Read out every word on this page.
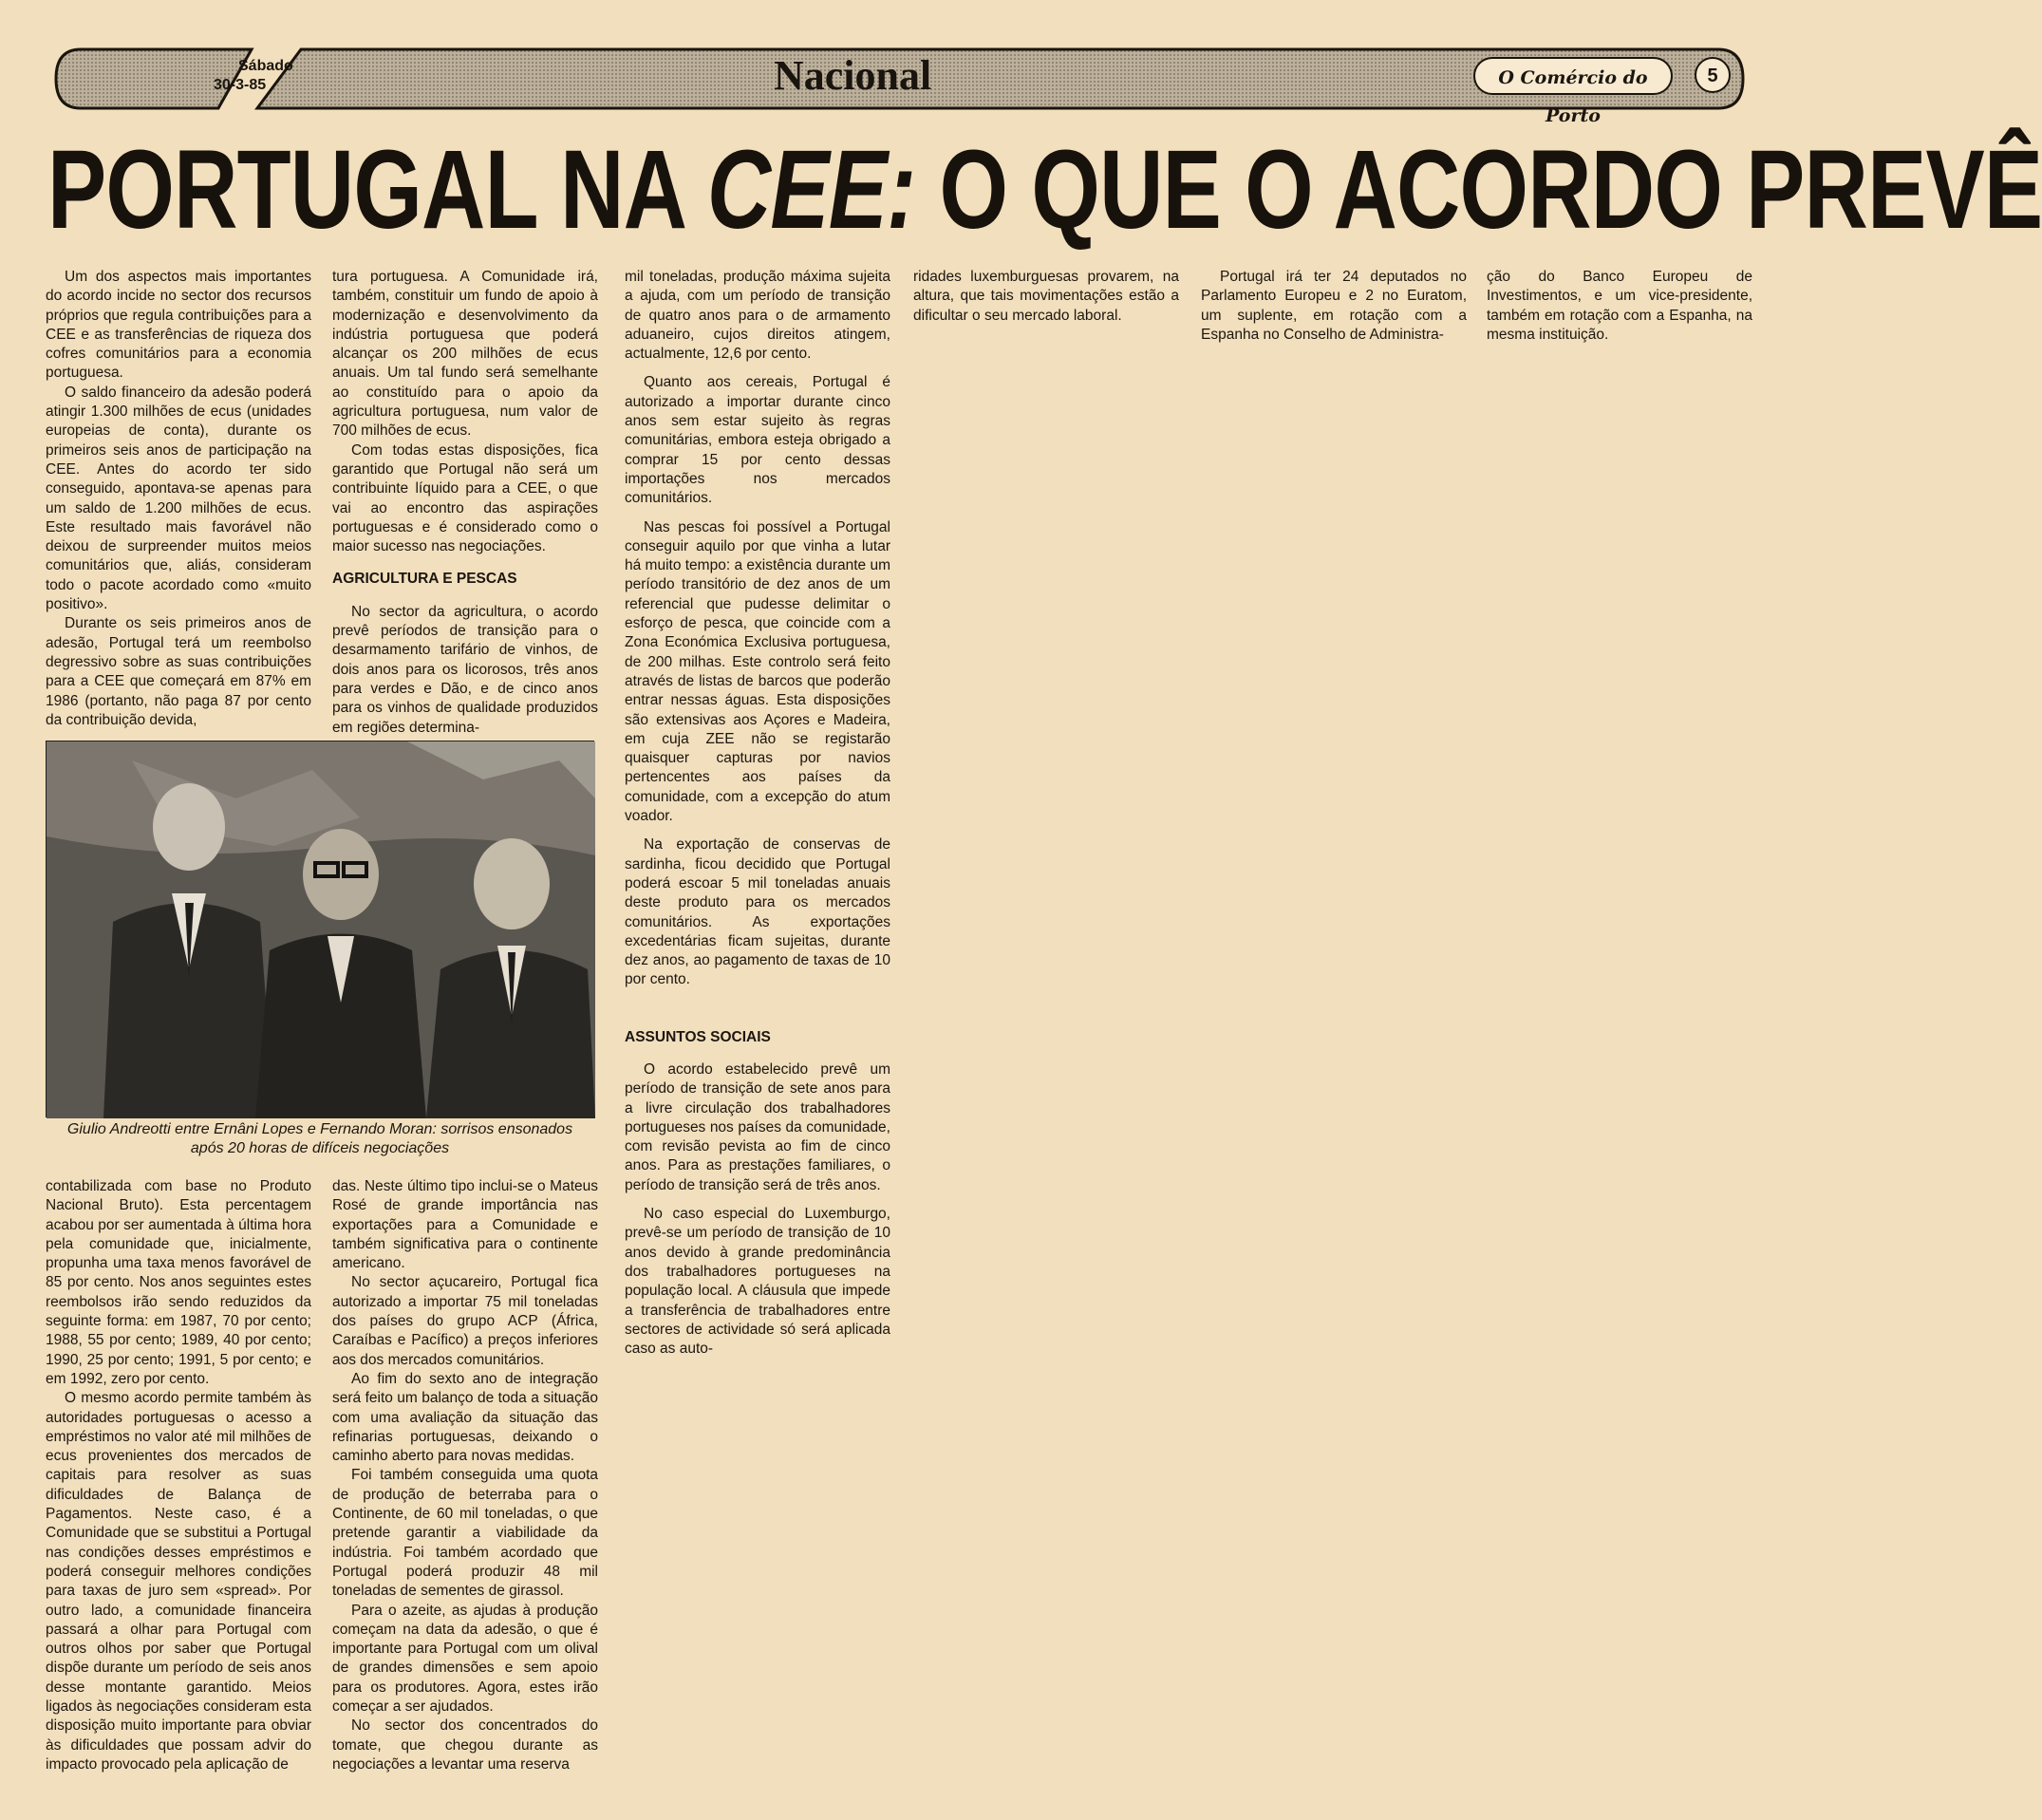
Sábado
30-3-85	Nacional	O Comércio do Porto
5
PORTUGAL NA CEE: O QUE O ACORDO PREVÊ

Um dos aspectos mais importantes do acordo incide no sector dos recursos próprios que regula contribuições para a CEE e as transferências de riqueza dos cofres comunitários para a economia portuguesa.

O saldo financeiro da adesão poderá atingir 1.300 milhões de ecus (unidades europeias de conta), durante os primeiros seis anos de participação na CEE. Antes do acordo ter sido conseguido, apontava-se apenas para um saldo de 1.200 milhões de ecus. Este resultado mais favorável não deixou de surpreender muitos meios comunitários que, aliás, consideram todo o pacote acordado como «muito positivo».

Durante os seis primeiros anos de adesão, Portugal terá um reembolso degressivo sobre as suas contribuições para a CEE que começará em 87% em 1986 (portanto, não paga 87 por cento da contribuição devida,

tura portuguesa. A Comunidade irá, também, constituir um fundo de apoio à modernização e desenvolvimento da indústria portuguesa que poderá alcançar os 200 milhões de ecus anuais. Um tal fundo será semelhante ao constituído para o apoio da agricultura portuguesa, num valor de 700 milhões de ecus.

Com todas estas disposições, fica garantido que Portugal não será um contribuinte líquido para a CEE, o que vai ao encontro das aspirações portuguesas e é considerado como o maior sucesso nas negociações.

AGRICULTURA E PESCAS

No sector da agricultura, o acordo prevê períodos de transição para o desarmamento tarifário de vinhos, de dois anos para os licorosos, três anos para verdes e Dão, e de cinco anos para os vinhos de qualidade produzidos em regiões determina-

Giulio Andreotti entre Ernâni Lopes e Fernando Moran: sorrisos ensonados
após 20 horas de difíceis negociações

contabilizada com base no Produto Nacional Bruto). Esta percentagem acabou por ser aumentada à última hora pela comunidade que, inicialmente, propunha uma taxa menos favorável de 85 por cento. Nos anos seguintes estes reembolsos irão sendo reduzidos da seguinte forma: em 1987, 70 por cento; 1988, 55 por cento; 1989, 40 por cento; 1990, 25 por cento; 1991, 5 por cento; e em 1992, zero por cento.

O mesmo acordo permite também às autoridades portuguesas o acesso a empréstimos no valor até mil milhões de ecus provenientes dos mercados de capitais para resolver as suas dificuldades de Balança de Pagamentos. Neste caso, é a Comunidade que se substitui a Portugal nas condições desses empréstimos e poderá conseguir melhores condições para taxas de juro sem «spread». Por outro lado, a comunidade financeira passará a olhar para Portugal com outros olhos por saber que Portugal dispõe durante um período de seis anos desse montante garantido. Meios ligados às negociações consideram esta disposição muito importante para obviar às dificuldades que possam advir do impacto provocado pela aplicação de

das. Neste último tipo inclui-se o Mateus Rosé de grande importância nas exportações para a Comunidade e também significativa para o continente americano.

No sector açucareiro, Portugal fica autorizado a importar 75 mil toneladas dos países do grupo ACP (África, Caraíbas e Pacífico) a preços inferiores aos dos mercados comunitários.

Ao fim do sexto ano de integração será feito um balanço de toda a situação com uma avaliação da situação das refinarias portuguesas, deixando o caminho aberto para novas medidas.

Foi também conseguida uma quota de produção de beterraba para o Continente, de 60 mil toneladas, o que pretende garantir a viabilidade da indústria. Foi também acordado que Portugal poderá produzir 48 mil toneladas de sementes de girassol.

Para o azeite, as ajudas à produção começam na data da adesão, o que é importante para Portugal com um olival de grandes dimensões e sem apoio para os produtores. Agora, estes irão começar a ser ajudados.

No sector dos concentrados do tomate, que chegou durante as negociações a levantar uma reserva

mil toneladas, produção máxima sujeita a ajuda, com um período de transição de quatro anos para o de armamento aduaneiro, cujos direitos atingem, actualmente, 12,6 por cento.

Quanto aos cereais, Portugal é autorizado a importar durante cinco anos sem estar sujeito às regras comunitárias, embora esteja obrigado a comprar 15 por cento dessas importações nos mercados comunitários.

Nas pescas foi possível a Portugal conseguir aquilo por que vinha a lutar há muito tempo: a existência durante um período transitório de dez anos de um referencial que pudesse delimitar o esforço de pesca, que coincide com a Zona Económica Exclusiva portuguesa, de 200 milhas. Este controlo será feito através de listas de barcos que poderão entrar nessas águas. Esta disposições são extensivas aos Açores e Madeira, em cuja ZEE não se registarão quaisquer capturas por navios pertencentes aos países da comunidade, com a excepção do atum voador.

Na exportação de conservas de sardinha, ficou decidido que Portugal poderá escoar 5 mil toneladas anuais deste produto para os mercados comunitários. As exportações excedentárias ficam sujeitas, durante dez anos, ao pagamento de taxas de 10 por cento.

ASSUNTOS SOCIAIS

O acordo estabelecido prevê um período de transição de sete anos para a livre circulação dos trabalhadores portugueses nos países da comunidade, com revisão pevista ao fim de cinco anos. Para as prestações familiares, o período de transição será de três anos.

No caso especial do Luxemburgo, prevê-se um período de transição de 10 anos devido à grande predominância dos trabalhadores portugueses na população local. A cláusula que impede a transferência de trabalhadores entre sectores de actividade só será aplicada caso as auto-

ridades luxemburguesas provarem, na altura, que tais movimentações estão a dificultar o seu mercado laboral.

Portugal irá ter 24 deputados no Parlamento Europeu e 2 no Euratom, um suplente, em rotação com a Espanha no Conselho de Administra-

ção do Banco Europeu de Investimentos, e um vice-presidente, também em rotação com a Espanha, na mesma instituição.
